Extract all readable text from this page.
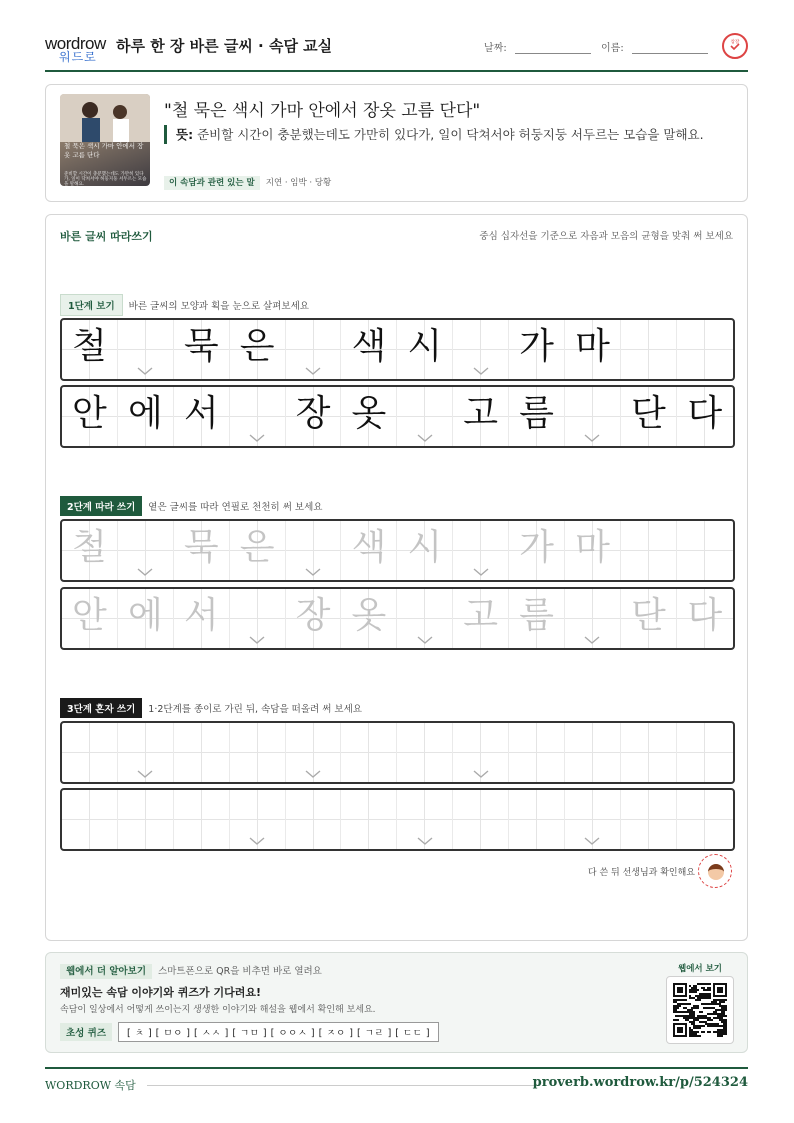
wordrow
워드로
하루 한 장 바른 글씨 · 속담 교실	날짜:	이름:
참잘
철 묵은 색시 가마 안에서 장옷 고름 단다
준비할 시간이 충분했는데도 가만히 있다가, 일이 닥쳐서야 허둥지둥 서두르는 모습을 말해요.
"철 묵은 색시 가마 안에서 장옷 고름 단다"
뜻: 준비할 시간이 충분했는데도 가만히 있다가, 일이 닥쳐서야 허둥지둥 서두르는 모습을 말해요.
이 속담과 관련 있는 말 지연 · 임박 · 당황
바른 글씨 따라쓰기	중심 십자선을 기준으로 자음과 모음의 균형을 맞춰 써 보세요
1단계 보기 바른 글씨의 모양과 획을 눈으로 살펴보세요
철 묵 은 색 시 가 마
안 에 서 장 옷 고 름 단 다
2단계 따라 쓰기 옅은 글씨를 따라 연필로 천천히 써 보세요
철 묵 은 색 시 가 마
안 에 서 장 옷 고 름 단 다
3단계 혼자 쓰기 1·2단계를 종이로 가린 뒤, 속담을 떠올려 써 보세요
다 쓴 뒤 선생님과 확인해요
웹에서 더 알아보기 스마트폰으로 QR을 비추면 바로 열려요
재미있는 속담 이야기와 퀴즈가 기다려요!
속담이 일상에서 어떻게 쓰이는지 생생한 이야기와 해설을 웹에서 확인해 보세요.
초성 퀴즈 [ ㅊ ] [ ㅁㅇ ] [ ㅅㅅ ] [ ㄱㅁ ] [ ㅇㅇㅅ ] [ ㅈㅇ ] [ ㄱㄹ ] [ ㄷㄷ ]
웹에서 보기
WORDROW 속담	proverb.wordrow.kr/p/524324
